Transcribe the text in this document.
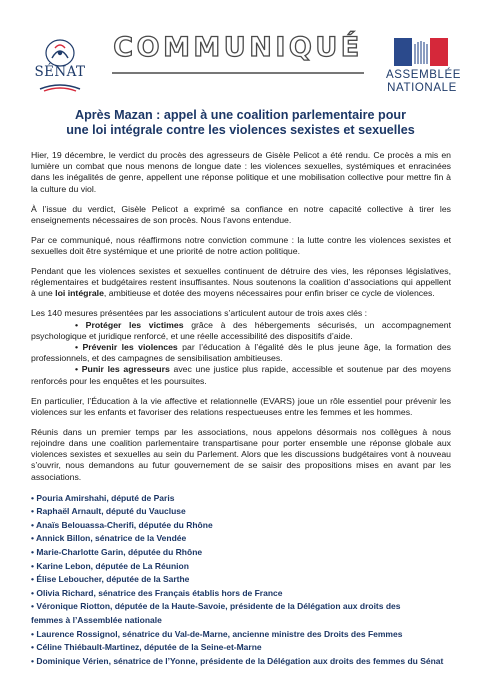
SÉNAT
COMMUNIQUÉ
ASSEMBLÉE
NATIONALE
Après Mazan : appel à une coalition parlementaire pour
une loi intégrale contre les violences sexistes et sexuelles

Hier, 19 décembre, le verdict du procès des agresseurs de Gisèle Pelicot a été rendu. Ce procès a mis en lumière un combat que nous menons de longue date : les violences sexuelles, systémiques et enracinées dans les inégalités de genre, appellent une réponse politique et une mobilisation collective pour mettre fin à la culture du viol.

À l’issue du verdict, Gisèle Pelicot a exprimé sa confiance en notre capacité collective à tirer les enseignements nécessaires de son procès. Nous l’avons entendue.

Par ce communiqué, nous réaffirmons notre conviction commune : la lutte contre les violences sexistes et sexuelles doit être systémique et une priorité de notre action politique.

Pendant que les violences sexistes et sexuelles continuent de détruire des vies, les réponses législatives, réglementaires et budgétaires restent insuffisantes. Nous soutenons la coalition d’associations qui appellent à une loi intégrale, ambitieuse et dotée des moyens nécessaires pour enfin briser ce cycle de violences.

Les 140 mesures présentées par les associations s’articulent autour de trois axes clés :
• Protéger les victimes grâce à des hébergements sécurisés, un accompagnement psychologique et juridique renforcé, et une réelle accessibilité des dispositifs d’aide.
• Prévenir les violences par l’éducation à l’égalité dès le plus jeune âge, la formation des professionnels, et des campagnes de sensibilisation ambitieuses.
• Punir les agresseurs avec une justice plus rapide, accessible et soutenue par des moyens renforcés pour les enquêtes et les poursuites.

En particulier, l’Éducation à la vie affective et relationnelle (EVARS) joue un rôle essentiel pour prévenir les violences sur les enfants et favoriser des relations respectueuses entre les femmes et les hommes.

Réunis dans un premier temps par les associations, nous appelons désormais nos collègues à nous rejoindre dans une coalition parlementaire transpartisane pour porter ensemble une réponse globale aux violences sexistes et sexuelles au sein du Parlement. Alors que les discussions budgétaires vont à nouveau s’ouvrir, nous demandons au futur gouvernement de se saisir des propositions mises en avant par les associations.

• Pouria Amirshahi, député de Paris
• Raphaël Arnault, député du Vaucluse
• Anaïs Belouassa-Cherifi, députée du Rhône
• Annick Billon, sénatrice de la Vendée
• Marie-Charlotte Garin, députée du Rhône
• Karine Lebon, députée de La Réunion
• Élise Leboucher, députée de la Sarthe
• Olivia Richard, sénatrice des Français établis hors de France
• Véronique Riotton, députée de la Haute-Savoie, présidente de la Délégation aux droits des
femmes à l’Assemblée nationale
• Laurence Rossignol, sénatrice du Val-de-Marne, ancienne ministre des Droits des Femmes
• Céline Thiébault-Martinez, députée de la Seine-et-Marne
• Dominique Vérien, sénatrice de l’Yonne, présidente de la Délégation aux droits des femmes du Sénat
